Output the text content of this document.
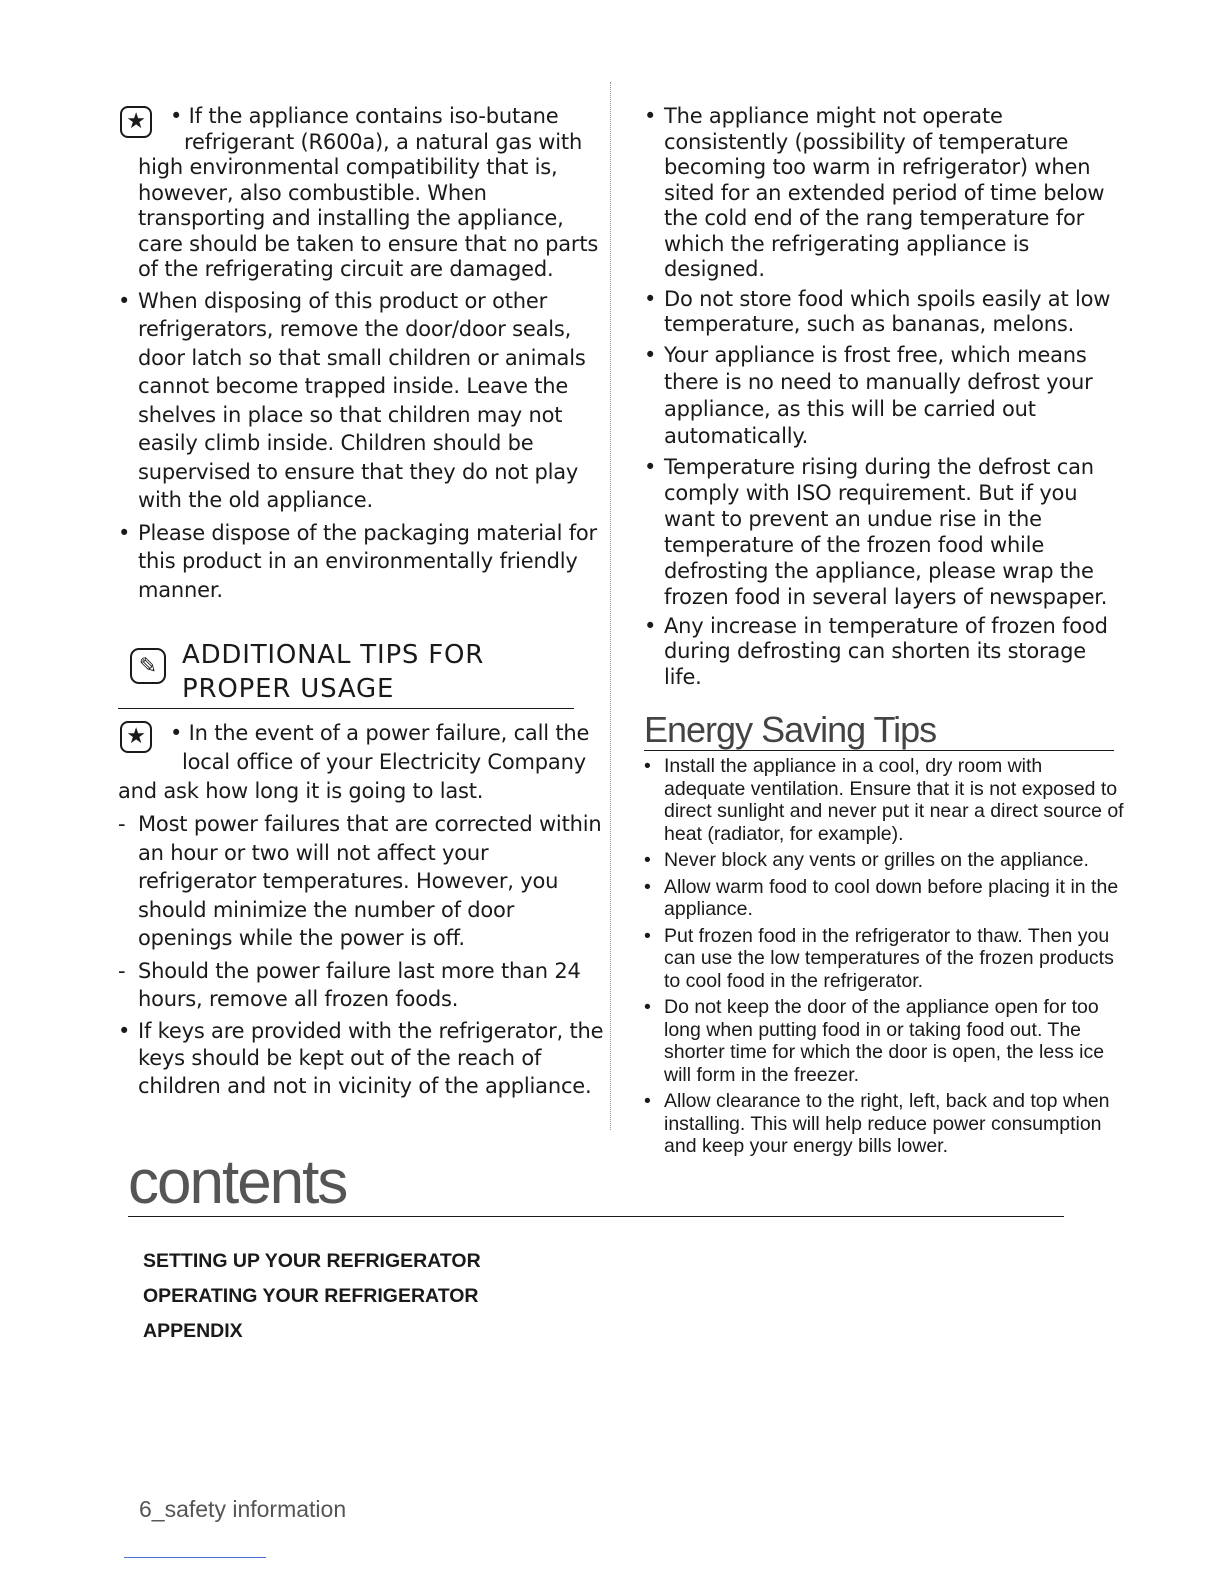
★	• If the appliance contains iso-butane
refrigerant (R600a), a natural gas with
high environmental compatibility that is, however, also combustible. When transporting and installing the appliance, care should be taken to ensure that no parts of the refrigerating circuit are damaged.
• When disposing of this product or other refrigerators, remove the door/door seals, door latch so that small children or animals cannot become trapped inside. Leave the shelves in place so that children may not easily climb inside. Children should be supervised to ensure that they do not play with the old appliance.
• Please dispose of the packaging material for this product in an environmentally friendly manner.
✎ ADDITIONAL TIPS FOR
PROPER USAGE
★	• In the event of a power failure, call the
local office of your Electricity Company
and ask how long it is going to last.
- Most power failures that are corrected within an hour or two will not affect your refrigerator temperatures. However, you should minimize the number of door openings while the power is off.
- Should the power failure last more than 24 hours, remove all frozen foods.
• If keys are provided with the refrigerator, the keys should be kept out of the reach of children and not in vicinity of the appliance.
• The appliance might not operate consistently (possibility of temperature becoming too warm in refrigerator) when sited for an extended period of time below the cold end of the rang temperature for which the refrigerating appliance is designed.
• Do not store food which spoils easily at low temperature, such as bananas, melons.
• Your appliance is frost free, which means there is no need to manually defrost your appliance, as this will be carried out automatically.
• Temperature rising during the defrost can comply with ISO requirement. But if you want to prevent an undue rise in the temperature of the frozen food while defrosting the appliance, please wrap the frozen food in several layers of newspaper.
• Any increase in temperature of frozen food during defrosting can shorten its storage life.
Energy Saving Tips
• Install the appliance in a cool, dry room with adequate ventilation. Ensure that it is not exposed to direct sunlight and never put it near a direct source of heat (radiator, for example).
• Never block any vents or grilles on the appliance.
• Allow warm food to cool down before placing it in the appliance.
• Put frozen food in the refrigerator to thaw. Then you can use the low temperatures of the frozen products to cool food in the refrigerator.
• Do not keep the door of the appliance open for too long when putting food in or taking food out. The shorter time for which the door is open, the less ice will form in the freezer.
• Allow clearance to the right, left, back and top when installing. This will help reduce power consumption and keep your energy bills lower.
contents
SETTING UP YOUR REFRIGERATOR
OPERATING YOUR REFRIGERATOR
APPENDIX
6_safety information
